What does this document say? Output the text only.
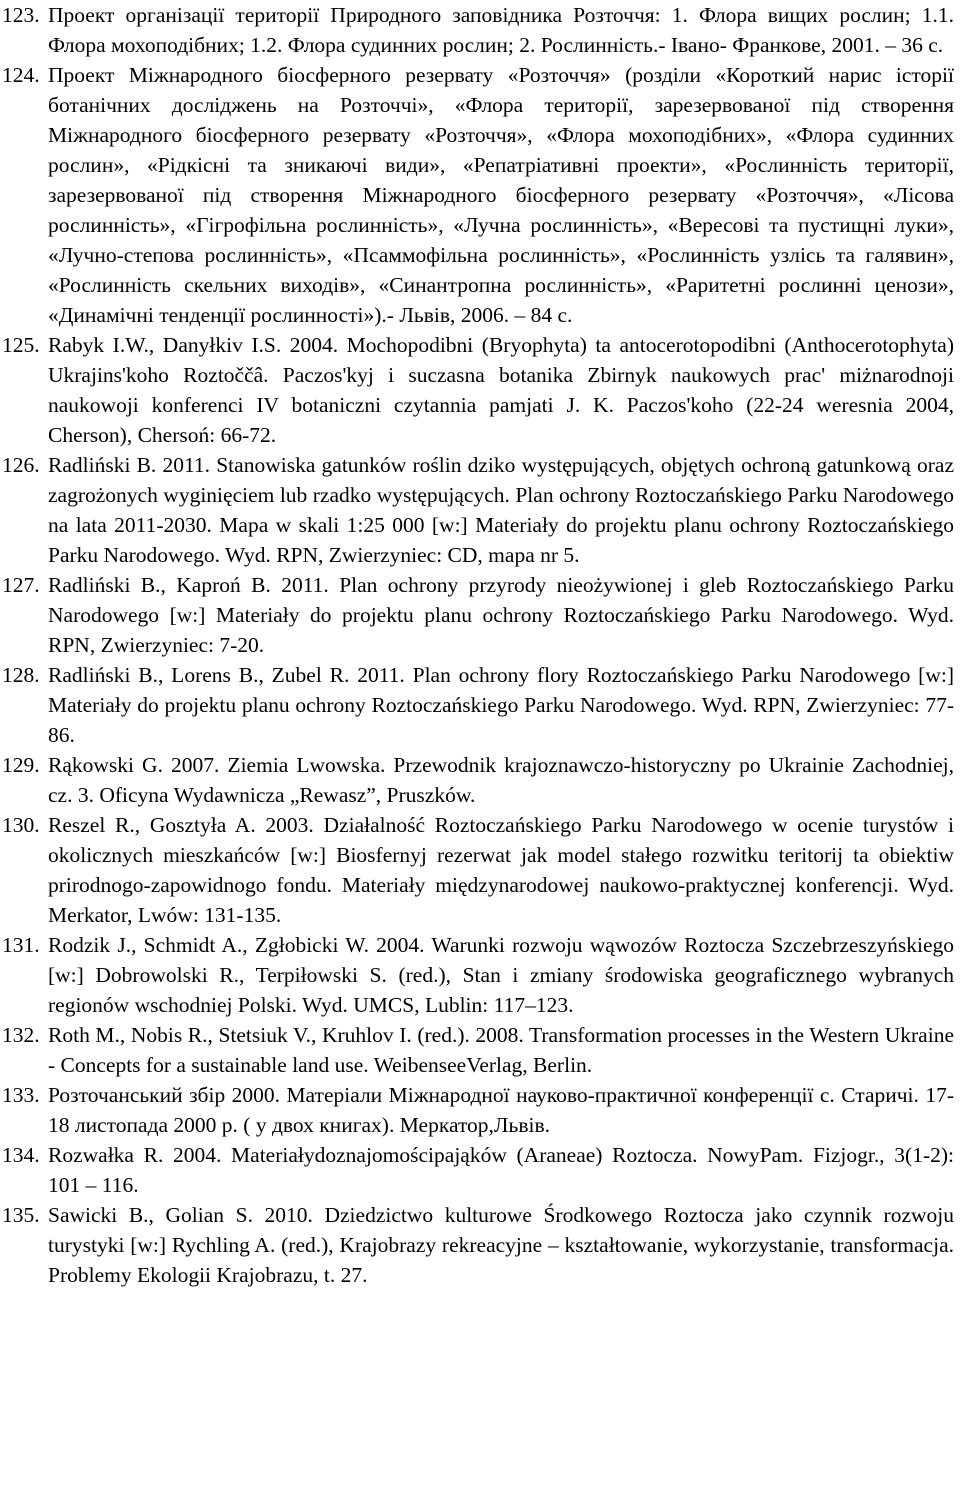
123. Проект організації території Природного заповідника Розточчя: 1. Флора вищих рослин; 1.1. Флора мохоподібних; 1.2. Флора судинних рослин; 2. Рослинність.- Івано- Франкове, 2001. – 36 с.

124. Проект Міжнародного біосферного резервату «Розточчя» (розділи «Короткий нарис історії ботанічних досліджень на Розточчі», «Флора території, зарезервованої під створення Міжнародного біосферного резервату «Розточчя», «Флора мохоподібних», «Флора судинних рослин», «Рідкісні та зникаючі види», «Репатріативні проекти», «Рослинність території, зарезервованої під створення Міжнародного біосферного резервату «Розточчя», «Лісова рослинність», «Гігрофільна рослинність», «Лучна рослинність», «Вересові та пустищні луки», «Лучно-степова рослинність», «Псаммофільна рослинність», «Рослинність узлісь та галявин», «Рослинність скельних виходів», «Синантропна рослинність», «Раритетні рослинні ценози», «Динамічні тенденції рослинності»).- Львів, 2006. – 84 с.

125. Rabyk I.W., Danyłkiv I.S. 2004. Mochopodibni (Bryophyta) ta antocerotopodibni (Anthocerotophyta) Ukrajins'koho Roztoččâ. Paczos'kyj i suczasna botanika Zbirnyk naukowych prac' miżnarodnoji naukowoji konferenci IV botaniczni czytannia pamjati J. K. Paczos'koho (22-24 weresnia 2004, Cherson), Chersoń: 66-72.

126. Radliński B. 2011. Stanowiska gatunków roślin dziko występujących, objętych ochroną gatunkową oraz zagrożonych wyginięciem lub rzadko występujących. Plan ochrony Roztoczańskiego Parku Narodowego na lata 2011-2030. Mapa w skali 1:25 000 [w:] Materiały do projektu planu ochrony Roztoczańskiego Parku Narodowego. Wyd. RPN, Zwierzyniec: CD, mapa nr 5.

127. Radliński B., Kaproń B. 2011. Plan ochrony przyrody nieożywionej i gleb Roztoczańskiego Parku Narodowego [w:] Materiały do projektu planu ochrony Roztoczańskiego Parku Narodowego. Wyd. RPN, Zwierzyniec: 7-20.

128. Radliński B., Lorens B., Zubel R. 2011. Plan ochrony flory Roztoczańskiego Parku Narodowego [w:] Materiały do projektu planu ochrony Roztoczańskiego Parku Narodowego. Wyd. RPN, Zwierzyniec: 77-86.

129. Rąkowski G. 2007. Ziemia Lwowska. Przewodnik krajoznawczo-historyczny po Ukrainie Zachodniej, cz. 3. Oficyna Wydawnicza „Rewasz”, Pruszków.

130. Reszel R., Gosztyła A. 2003. Działalność Roztoczańskiego Parku Narodowego w ocenie turystów i okolicznych mieszkańców [w:] Biosfernyj rezerwat jak model stałego rozwitku teritorij ta obiektiw prirodnogo-zapowidnogo fondu. Materiały międzynarodowej naukowo-praktycznej konferencji. Wyd. Merkator, Lwów: 131-135.

131. Rodzik J., Schmidt A., Zgłobicki W. 2004. Warunki rozwoju wąwozów Roztocza Szczebrzeszyńskiego [w:] Dobrowolski R., Terpiłowski S. (red.), Stan i zmiany środowiska geograficznego wybranych regionów wschodniej Polski. Wyd. UMCS, Lublin: 117–123.

132. Roth M., Nobis R., Stetsiuk V., Kruhlov I. (red.). 2008. Transformation processes in the Western Ukraine - Concepts for a sustainable land use. WeibenseeVerlag, Berlin.

133. Розточанський збір 2000. Матеріали Міжнародної науково-практичної конференції с. Старичі. 17-18 листопада 2000 р. ( у двох книгах). Меркатор,Львів.

134. Rozwałka R. 2004. Materiałydoznajomościpająków (Araneae) Roztocza. NowyPam. Fizjogr., 3(1-2): 101 – 116.

135. Sawicki B., Golian S. 2010. Dziedzictwo kulturowe Środkowego Roztocza jako czynnik rozwoju turystyki [w:] Rychling A. (red.), Krajobrazy rekreacyjne – kształtowanie, wykorzystanie, transformacja. Problemy Ekologii Krajobrazu, t. 27.
